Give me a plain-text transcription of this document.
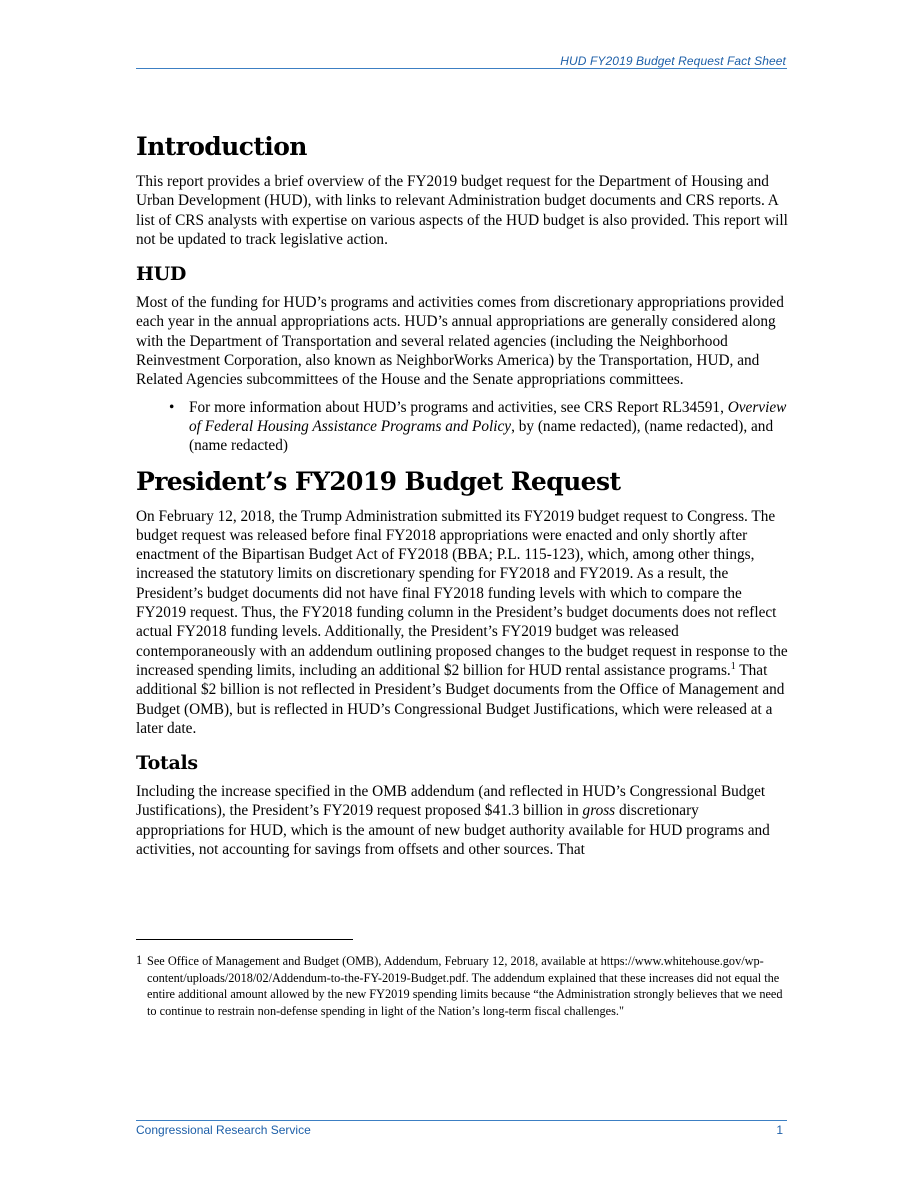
HUD FY2019 Budget Request Fact Sheet
Introduction

This report provides a brief overview of the FY2019 budget request for the Department of Housing and Urban Development (HUD), with links to relevant Administration budget documents and CRS reports. A list of CRS analysts with expertise on various aspects of the HUD budget is also provided. This report will not be updated to track legislative action.

HUD

Most of the funding for HUD’s programs and activities comes from discretionary appropriations provided each year in the annual appropriations acts. HUD’s annual appropriations are generally considered along with the Department of Transportation and several related agencies (including the Neighborhood Reinvestment Corporation, also known as NeighborWorks America) by the Transportation, HUD, and Related Agencies subcommittees of the House and the Senate appropriations committees.

• For more information about HUD’s programs and activities, see CRS Report RL34591, Overview of Federal Housing Assistance Programs and Policy, by (name redacted), (name redacted), and (name redacted)
President’s FY2019 Budget Request

On February 12, 2018, the Trump Administration submitted its FY2019 budget request to Congress. The budget request was released before final FY2018 appropriations were enacted and only shortly after enactment of the Bipartisan Budget Act of FY2018 (BBA; P.L. 115-123), which, among other things, increased the statutory limits on discretionary spending for FY2018 and FY2019. As a result, the President’s budget documents did not have final FY2018 funding levels with which to compare the FY2019 request. Thus, the FY2018 funding column in the President’s budget documents does not reflect actual FY2018 funding levels. Additionally, the President’s FY2019 budget was released contemporaneously with an addendum outlining proposed changes to the budget request in response to the increased spending limits, including an additional $2 billion for HUD rental assistance programs.$^1$ That additional $2 billion is not reflected in President’s Budget documents from the Office of Management and Budget (OMB), but is reflected in HUD’s Congressional Budget Justifications, which were released at a later date.

Totals

Including the increase specified in the OMB addendum (and reflected in HUD’s Congressional Budget Justifications), the President’s FY2019 request proposed $41.3 billion in gross discretionary appropriations for HUD, which is the amount of new budget authority available for HUD programs and activities, not accounting for savings from offsets and other sources. That

1 See Office of Management and Budget (OMB), Addendum, February 12, 2018, available at https://www.whitehouse.gov/wp-content/uploads/2018/02/Addendum-to-the-FY-2019-Budget.pdf. The addendum explained that these increases did not equal the entire additional amount allowed by the new FY2019 spending limits because “the Administration strongly believes that we need to continue to restrain non-defense spending in light of the Nation’s long-term fiscal challenges."
Congressional Research Service	1
